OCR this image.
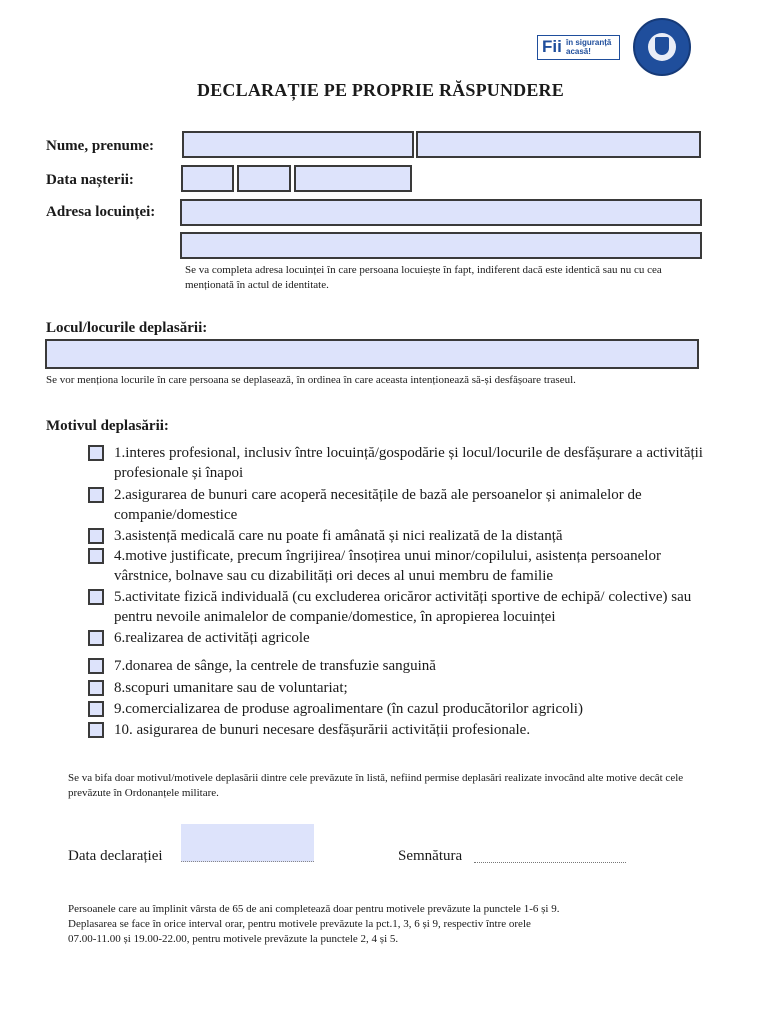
Fii în siguranță
acasă!
DECLARAȚIE PE PROPRIE RĂSPUNDERE
Nume, prenume:
Data nașterii:
Adresa locuinței:
Se va completa adresa locuinței în care persoana locuiește în fapt, indiferent dacă este identică sau nu cu cea menționată în actul de identitate.
Locul/locurile deplasării:
Se vor menționa locurile în care persoana se deplasează, în ordinea în care aceasta intenționează să-și desfășoare traseul.
Motivul deplasării:
1.interes profesional, inclusiv între locuință/gospodărie și locul/locurile de desfășurare a activității profesionale și înapoi
2.asigurarea de bunuri care acoperă necesitățile de bază ale persoanelor și animalelor de companie/domestice
3.asistență medicală care nu poate fi amânată și nici realizată de la distanță
4.motive justificate, precum îngrijirea/ însoțirea unui minor/copilului, asistența persoanelor vârstnice, bolnave sau cu dizabilități ori deces al unui membru de familie
5.activitate fizică individuală (cu excluderea oricăror activități sportive de echipă/ colective) sau pentru nevoile animalelor de companie/domestice, în apropierea locuinței
6.realizarea de activități agricole
7.donarea de sânge, la centrele de transfuzie sanguină
8.scopuri umanitare sau de voluntariat;
9.comercializarea de produse agroalimentare (în cazul producătorilor agricoli)
10. asigurarea de bunuri necesare desfășurării activității profesionale.
Se va bifa doar motivul/motivele deplasării dintre cele prevăzute în listă, nefiind permise deplasări realizate invocând alte motive decât cele prevăzute în Ordonanțele militare.
Data declarației	Semnătura
Persoanele care au împlinit vârsta de 65 de ani completează doar pentru motivele prevăzute la punctele 1-6 și 9.
Deplasarea se face în orice interval orar, pentru motivele prevăzute la pct.1, 3, 6 și 9, respectiv între orele
07.00-11.00 și 19.00-22.00, pentru motivele prevăzute la punctele 2, 4 și 5.
